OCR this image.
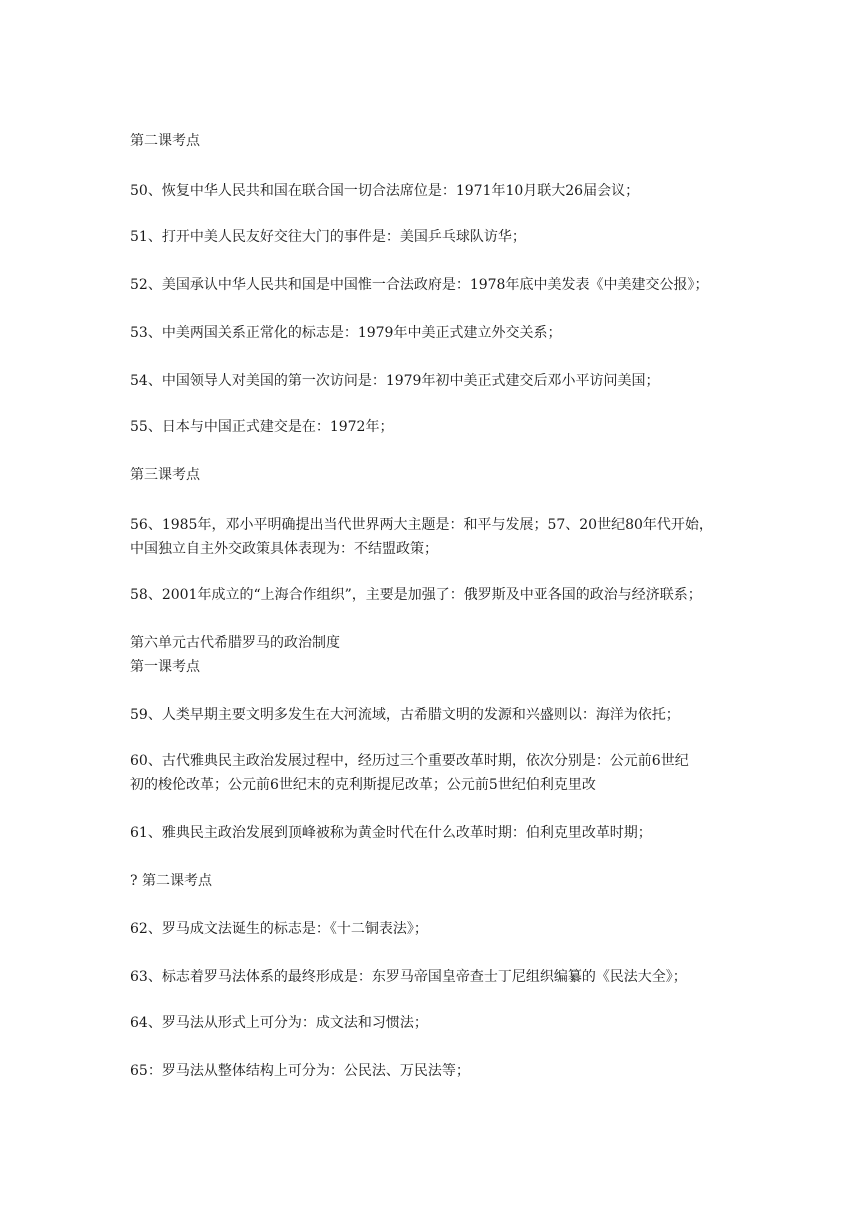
第二课考点
50、恢复中华人民共和国在联合国一切合法席位是：1971年10月联大26届会议；
51、打开中美人民友好交往大门的事件是：美国乒乓球队访华；
52、美国承认中华人民共和国是中国惟一合法政府是：1978年底中美发表《中美建交公报》；
53、中美两国关系正常化的标志是：1979年中美正式建立外交关系；
54、中国领导人对美国的第一次访问是：1979年初中美正式建交后邓小平访问美国；
55、日本与中国正式建交是在：1972年；
第三课考点
56、1985年，邓小平明确提出当代世界两大主题是：和平与发展；57、20世纪80年代开始，
中国独立自主外交政策具体表现为：不结盟政策；
58、2001年成立的“上海合作组织”，主要是加强了：俄罗斯及中亚各国的政治与经济联系；
第六单元古代希腊罗马的政治制度
第一课考点
59、人类早期主要文明多发生在大河流域，古希腊文明的发源和兴盛则以：海洋为依托；
60、古代雅典民主政治发展过程中，经历过三个重要改革时期，依次分别是：公元前6世纪
初的梭伦改革；公元前6世纪末的克利斯提尼改革；公元前5世纪伯利克里改
61、雅典民主政治发展到顶峰被称为黄金时代在什么改革时期：伯利克里改革时期；
? 第二课考点
62、罗马成文法诞生的标志是：《十二铜表法》；
63、标志着罗马法体系的最终形成是：东罗马帝国皇帝查士丁尼组织编纂的《民法大全》；
64、罗马法从形式上可分为：成文法和习惯法；
65：罗马法从整体结构上可分为：公民法、万民法等；
